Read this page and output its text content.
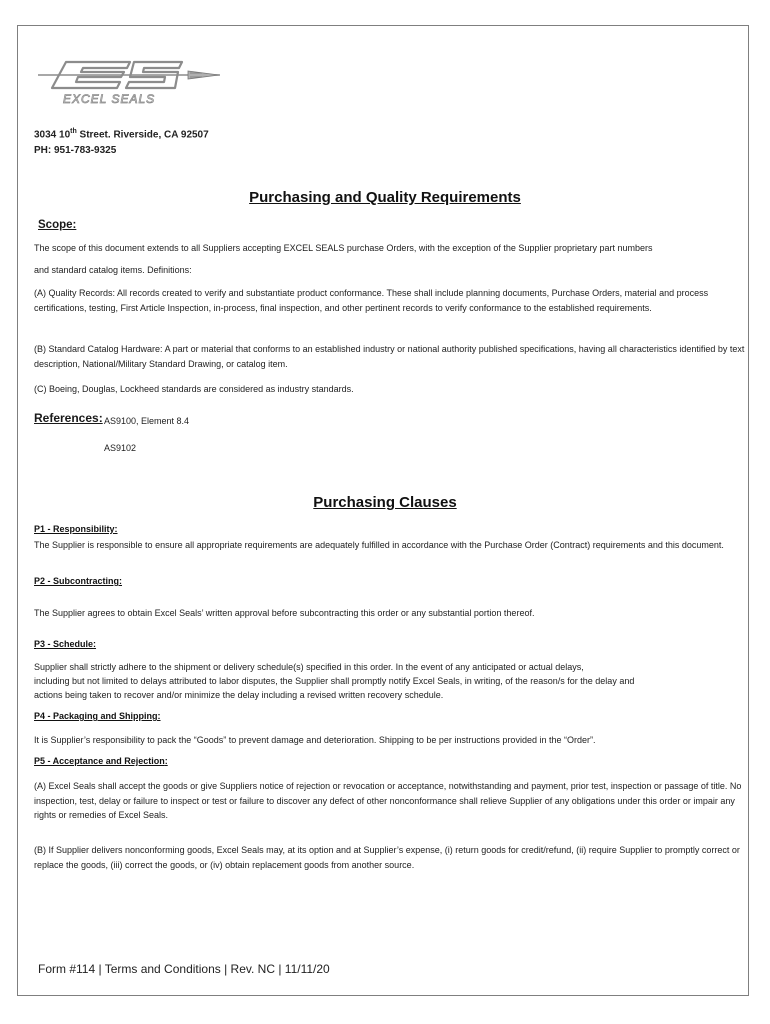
EXCEL SEALS
3034 10th Street. Riverside, CA 92507
PH: 951-783-9325
Purchasing and Quality Requirements
Scope:
The scope of this document extends to all Suppliers accepting EXCEL SEALS purchase Orders, with the exception of the Supplier proprietary part numbers
and standard catalog items. Definitions:
(A) Quality Records: All records created to verify and substantiate product conformance. These shall include planning documents, Purchase Orders, material and process certifications, testing, First Article Inspection, in-process, final inspection, and other pertinent records to verify conformance to the established requirements.
(B) Standard Catalog Hardware: A part or material that conforms to an established industry or national authority published specifications, having all characteristics identified by text description, National/Military Standard Drawing, or catalog item.
(C) Boeing, Douglas, Lockheed standards are considered as industry standards.
References: AS9100, Element 8.4
AS9102
Purchasing Clauses
P1 - Responsibility:
The Supplier is responsible to ensure all appropriate requirements are adequately fulfilled in accordance with the Purchase Order (Contract) requirements and this document.
P2 - Subcontracting:
The Supplier agrees to obtain Excel Seals’ written approval before subcontracting this order or any substantial portion thereof.
P3 - Schedule:
Supplier shall strictly adhere to the shipment or delivery schedule(s) specified in this order. In the event of any anticipated or actual delays,
including but not limited to delays attributed to labor disputes, the Supplier shall promptly notify Excel Seals, in writing, of the reason/s for the delay and
actions being taken to recover and/or minimize the delay including a revised written recovery schedule.
P4 - Packaging and Shipping:
It is Supplier’s responsibility to pack the “Goods” to prevent damage and deterioration. Shipping to be per instructions provided in the “Order”.
P5 - Acceptance and Rejection:
(A) Excel Seals shall accept the goods or give Suppliers notice of rejection or revocation or acceptance, notwithstanding and payment, prior test, inspection or passage of title. No inspection, test, delay or failure to inspect or test or failure to discover any defect of other nonconformance shall relieve Supplier of any obligations under this order or impair any rights or remedies of Excel Seals.
(B) If Supplier delivers nonconforming goods, Excel Seals may, at its option and at Supplier’s expense, (i) return goods for credit/refund, (ii) require Supplier to promptly correct or replace the goods, (iii) correct the goods, or (iv) obtain replacement goods from another source.
Form #114 | Terms and Conditions | Rev. NC | 11/11/20
